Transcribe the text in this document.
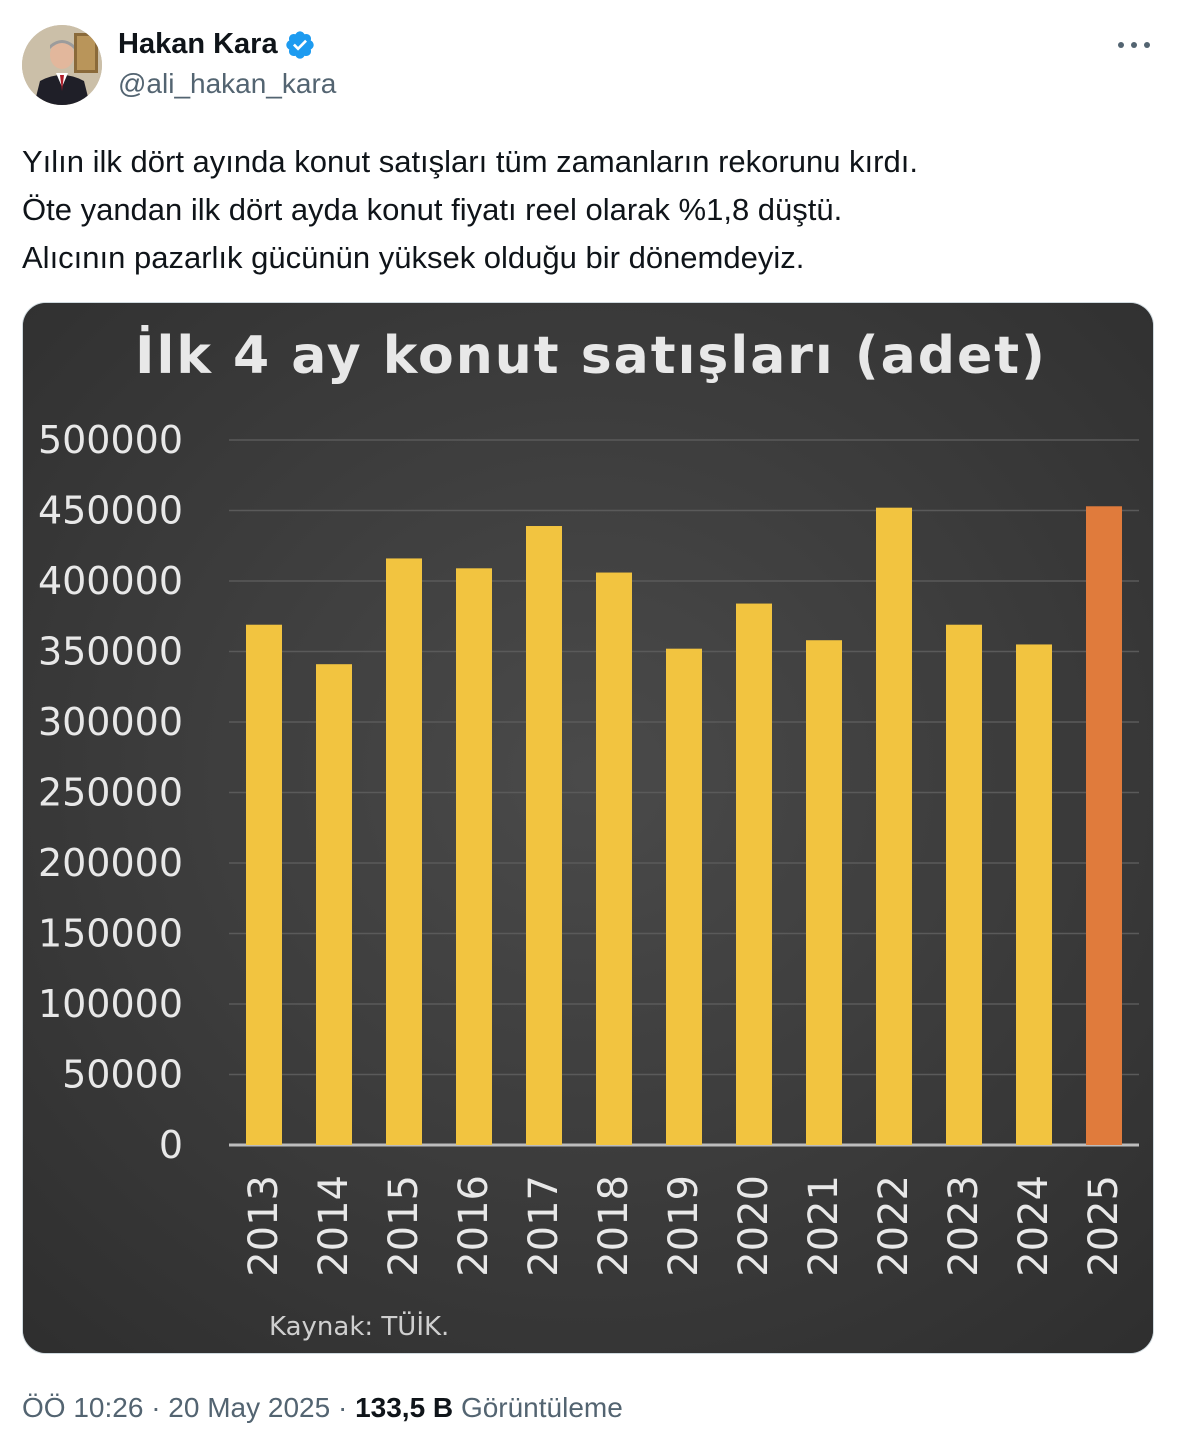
Hakan Kara
@ali_hakan_kara
Yılın ilk dört ayında konut satışları tüm zamanların rekorunu kırdı.
Öte yandan ilk dört ayda konut fiyatı reel olarak %1,8 düştü.
Alıcının pazarlık gücünün yüksek olduğu bir dönemdeyiz.
İlk 4 ay konut satışları (adet)
0
50000
100000
150000
200000
250000
300000
350000
400000
450000
500000
2013 2014 2015 2016 2017 2018 2019 2020 2021 2022 2023 2024 2025
Kaynak: TÜİK.
ÖÖ 10:26 · 20 May 2025 · 133,5 B Görüntüleme
